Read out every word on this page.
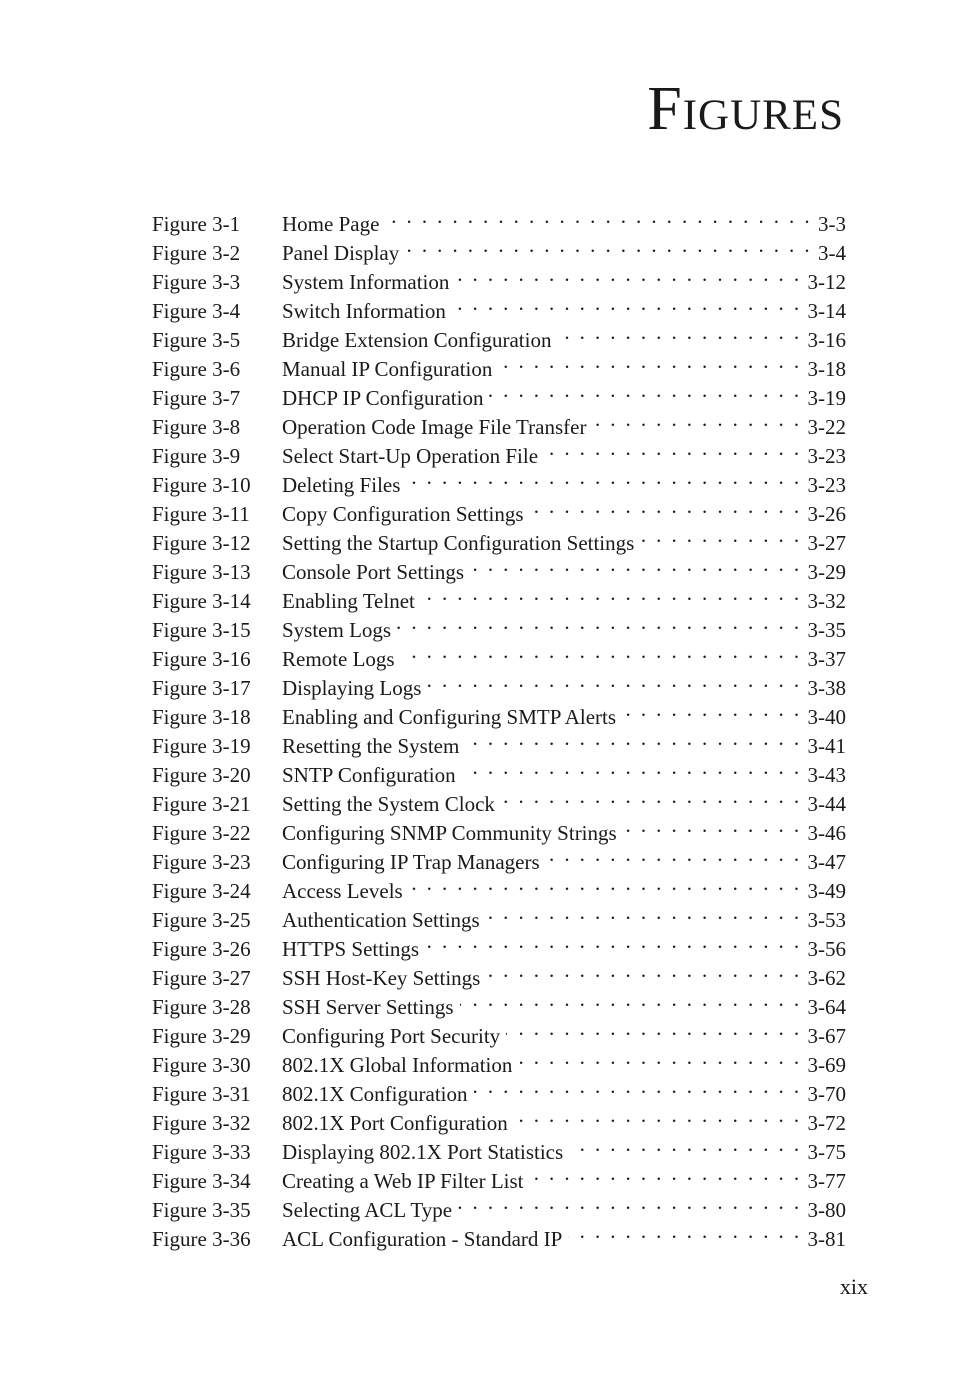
Figures
Figure 3-1	Home Page . . .	3-3
Figure 3-2	Panel Display . . .	3-4
Figure 3-3	System Information . . .	3-12
Figure 3-4	Switch Information . . .	3-14
Figure 3-5	Bridge Extension Configuration . . .	3-16
Figure 3-6	Manual IP Configuration . . .	3-18
Figure 3-7	DHCP IP Configuration . . .	3-19
Figure 3-8	Operation Code Image File Transfer . . .	3-22
Figure 3-9	Select Start-Up Operation File . . .	3-23
Figure 3-10	Deleting Files . . .	3-23
Figure 3-11	Copy Configuration Settings . . .	3-26
Figure 3-12	Setting the Startup Configuration Settings . . .	3-27
Figure 3-13	Console Port Settings . . .	3-29
Figure 3-14	Enabling Telnet . . .	3-32
Figure 3-15	System Logs . . .	3-35
Figure 3-16	Remote Logs . . .	3-37
Figure 3-17	Displaying Logs . . .	3-38
Figure 3-18	Enabling and Configuring SMTP Alerts . . .	3-40
Figure 3-19	Resetting the System . . .	3-41
Figure 3-20	SNTP Configuration . . .	3-43
Figure 3-21	Setting the System Clock . . .	3-44
Figure 3-22	Configuring SNMP Community Strings . . .	3-46
Figure 3-23	Configuring IP Trap Managers . . .	3-47
Figure 3-24	Access Levels . . .	3-49
Figure 3-25	Authentication Settings . . .	3-53
Figure 3-26	HTTPS Settings . . .	3-56
Figure 3-27	SSH Host-Key Settings . . .	3-62
Figure 3-28	SSH Server Settings . . .	3-64
Figure 3-29	Configuring Port Security . . .	3-67
Figure 3-30	802.1X Global Information . . .	3-69
Figure 3-31	802.1X Configuration . . .	3-70
Figure 3-32	802.1X Port Configuration . . .	3-72
Figure 3-33	Displaying 802.1X Port Statistics . . .	3-75
Figure 3-34	Creating a Web IP Filter List . . .	3-77
Figure 3-35	Selecting ACL Type . . .	3-80
Figure 3-36	ACL Configuration - Standard IP . . .	3-81
xix
